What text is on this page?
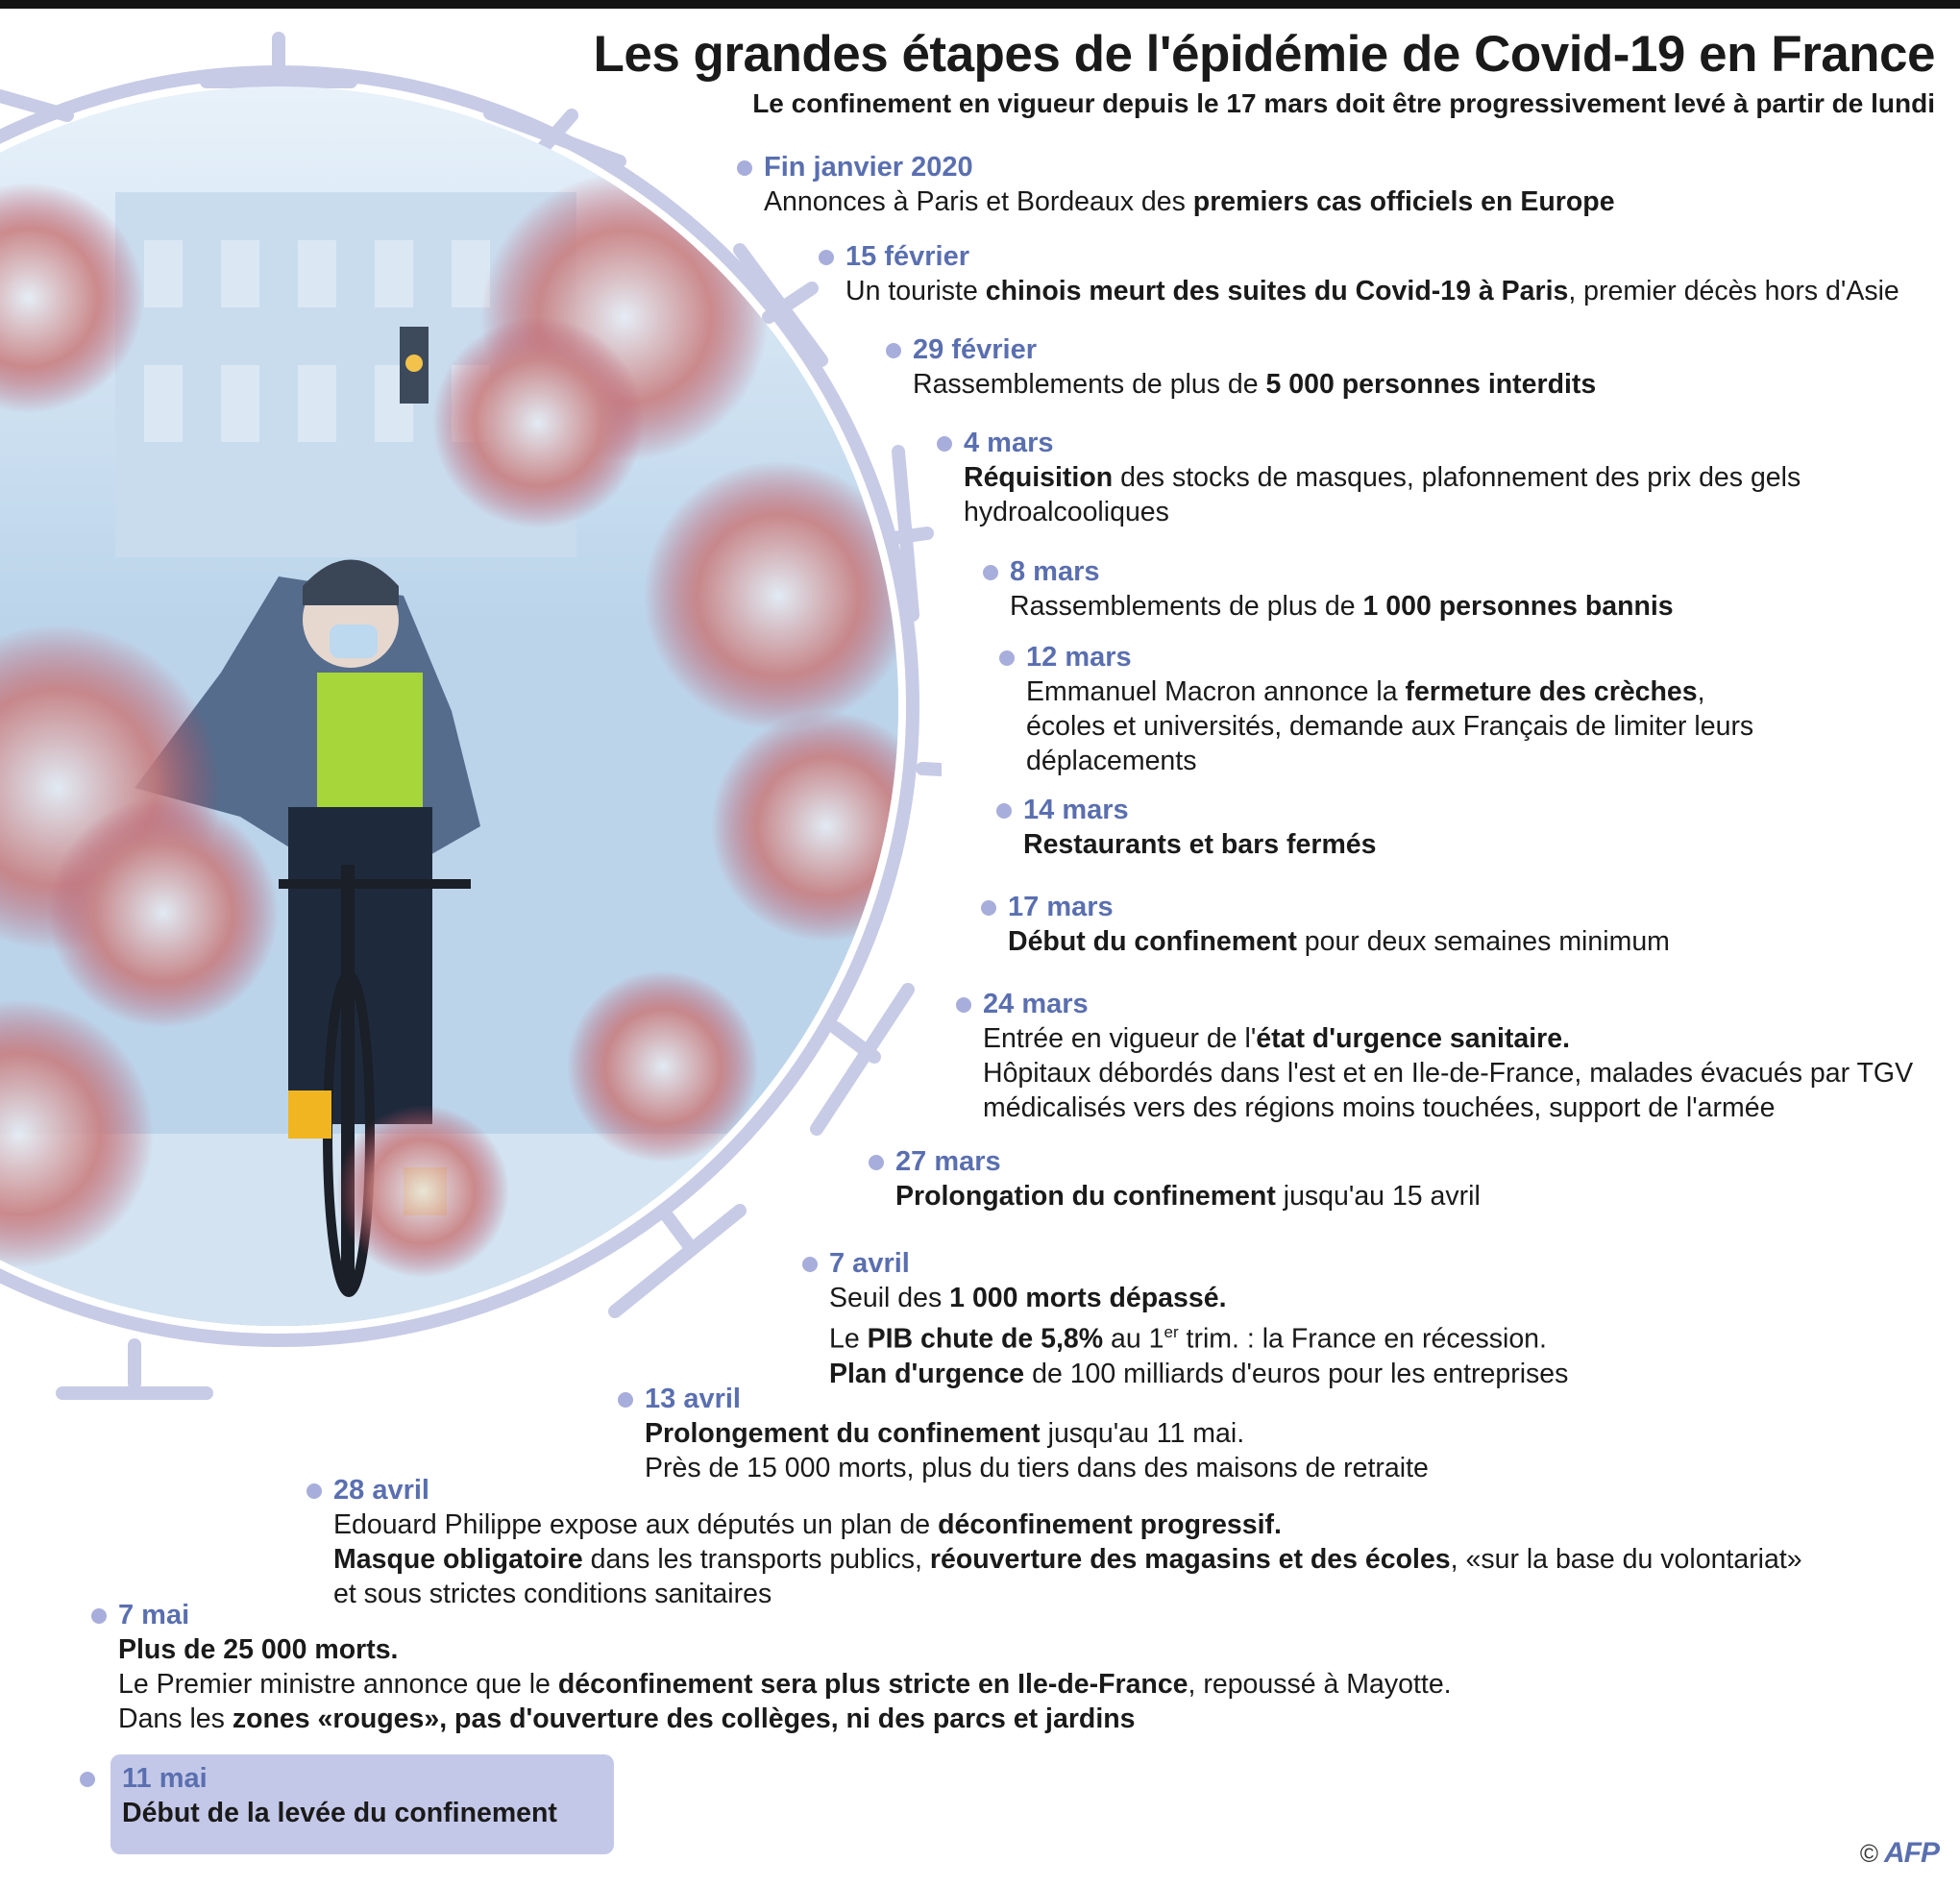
Les grandes étapes de l'épidémie de Covid-19 en France
Le confinement en vigueur depuis le 17 mars doit être progressivement levé à partir de lundi
Fin janvier 2020
Annonces à Paris et Bordeaux des premiers cas officiels en Europe
15 février
Un touriste chinois meurt des suites du Covid-19 à Paris, premier décès hors d'Asie
29 février
Rassemblements de plus de 5 000 personnes interdits
4 mars
Réquisition des stocks de masques, plafonnement des prix des gels
hydroalcooliques
8 mars
Rassemblements de plus de 1 000 personnes bannis
12 mars
Emmanuel Macron annonce la fermeture des crèches,
écoles et universités, demande aux Français de limiter leurs
déplacements
14 mars
Restaurants et bars fermés
17 mars
Début du confinement pour deux semaines minimum
24 mars
Entrée en vigueur de l'état d'urgence sanitaire.
Hôpitaux débordés dans l'est et en Ile-de-France, malades évacués par TGV
médicalisés vers des régions moins touchées, support de l'armée
27 mars
Prolongation du confinement jusqu'au 15 avril
7 avril
Seuil des 1 000 morts dépassé.
Le PIB chute de 5,8% au 1er trim. : la France en récession.
Plan d'urgence de 100 milliards d'euros pour les entreprises
13 avril
Prolongement du confinement jusqu'au 11 mai.
Près de 15 000 morts, plus du tiers dans des maisons de retraite
28 avril
Edouard Philippe expose aux députés un plan de déconfinement progressif.
Masque obligatoire dans les transports publics, réouverture des magasins et des écoles, «sur la base du volontariat»
et sous strictes conditions sanitaires
7 mai
Plus de 25 000 morts.
Le Premier ministre annonce que le déconfinement sera plus stricte en Ile-de-France, repoussé à Mayotte.
Dans les zones «rouges», pas d'ouverture des collèges, ni des parcs et jardins
11 mai
Début de la levée du confinement
© AFP
